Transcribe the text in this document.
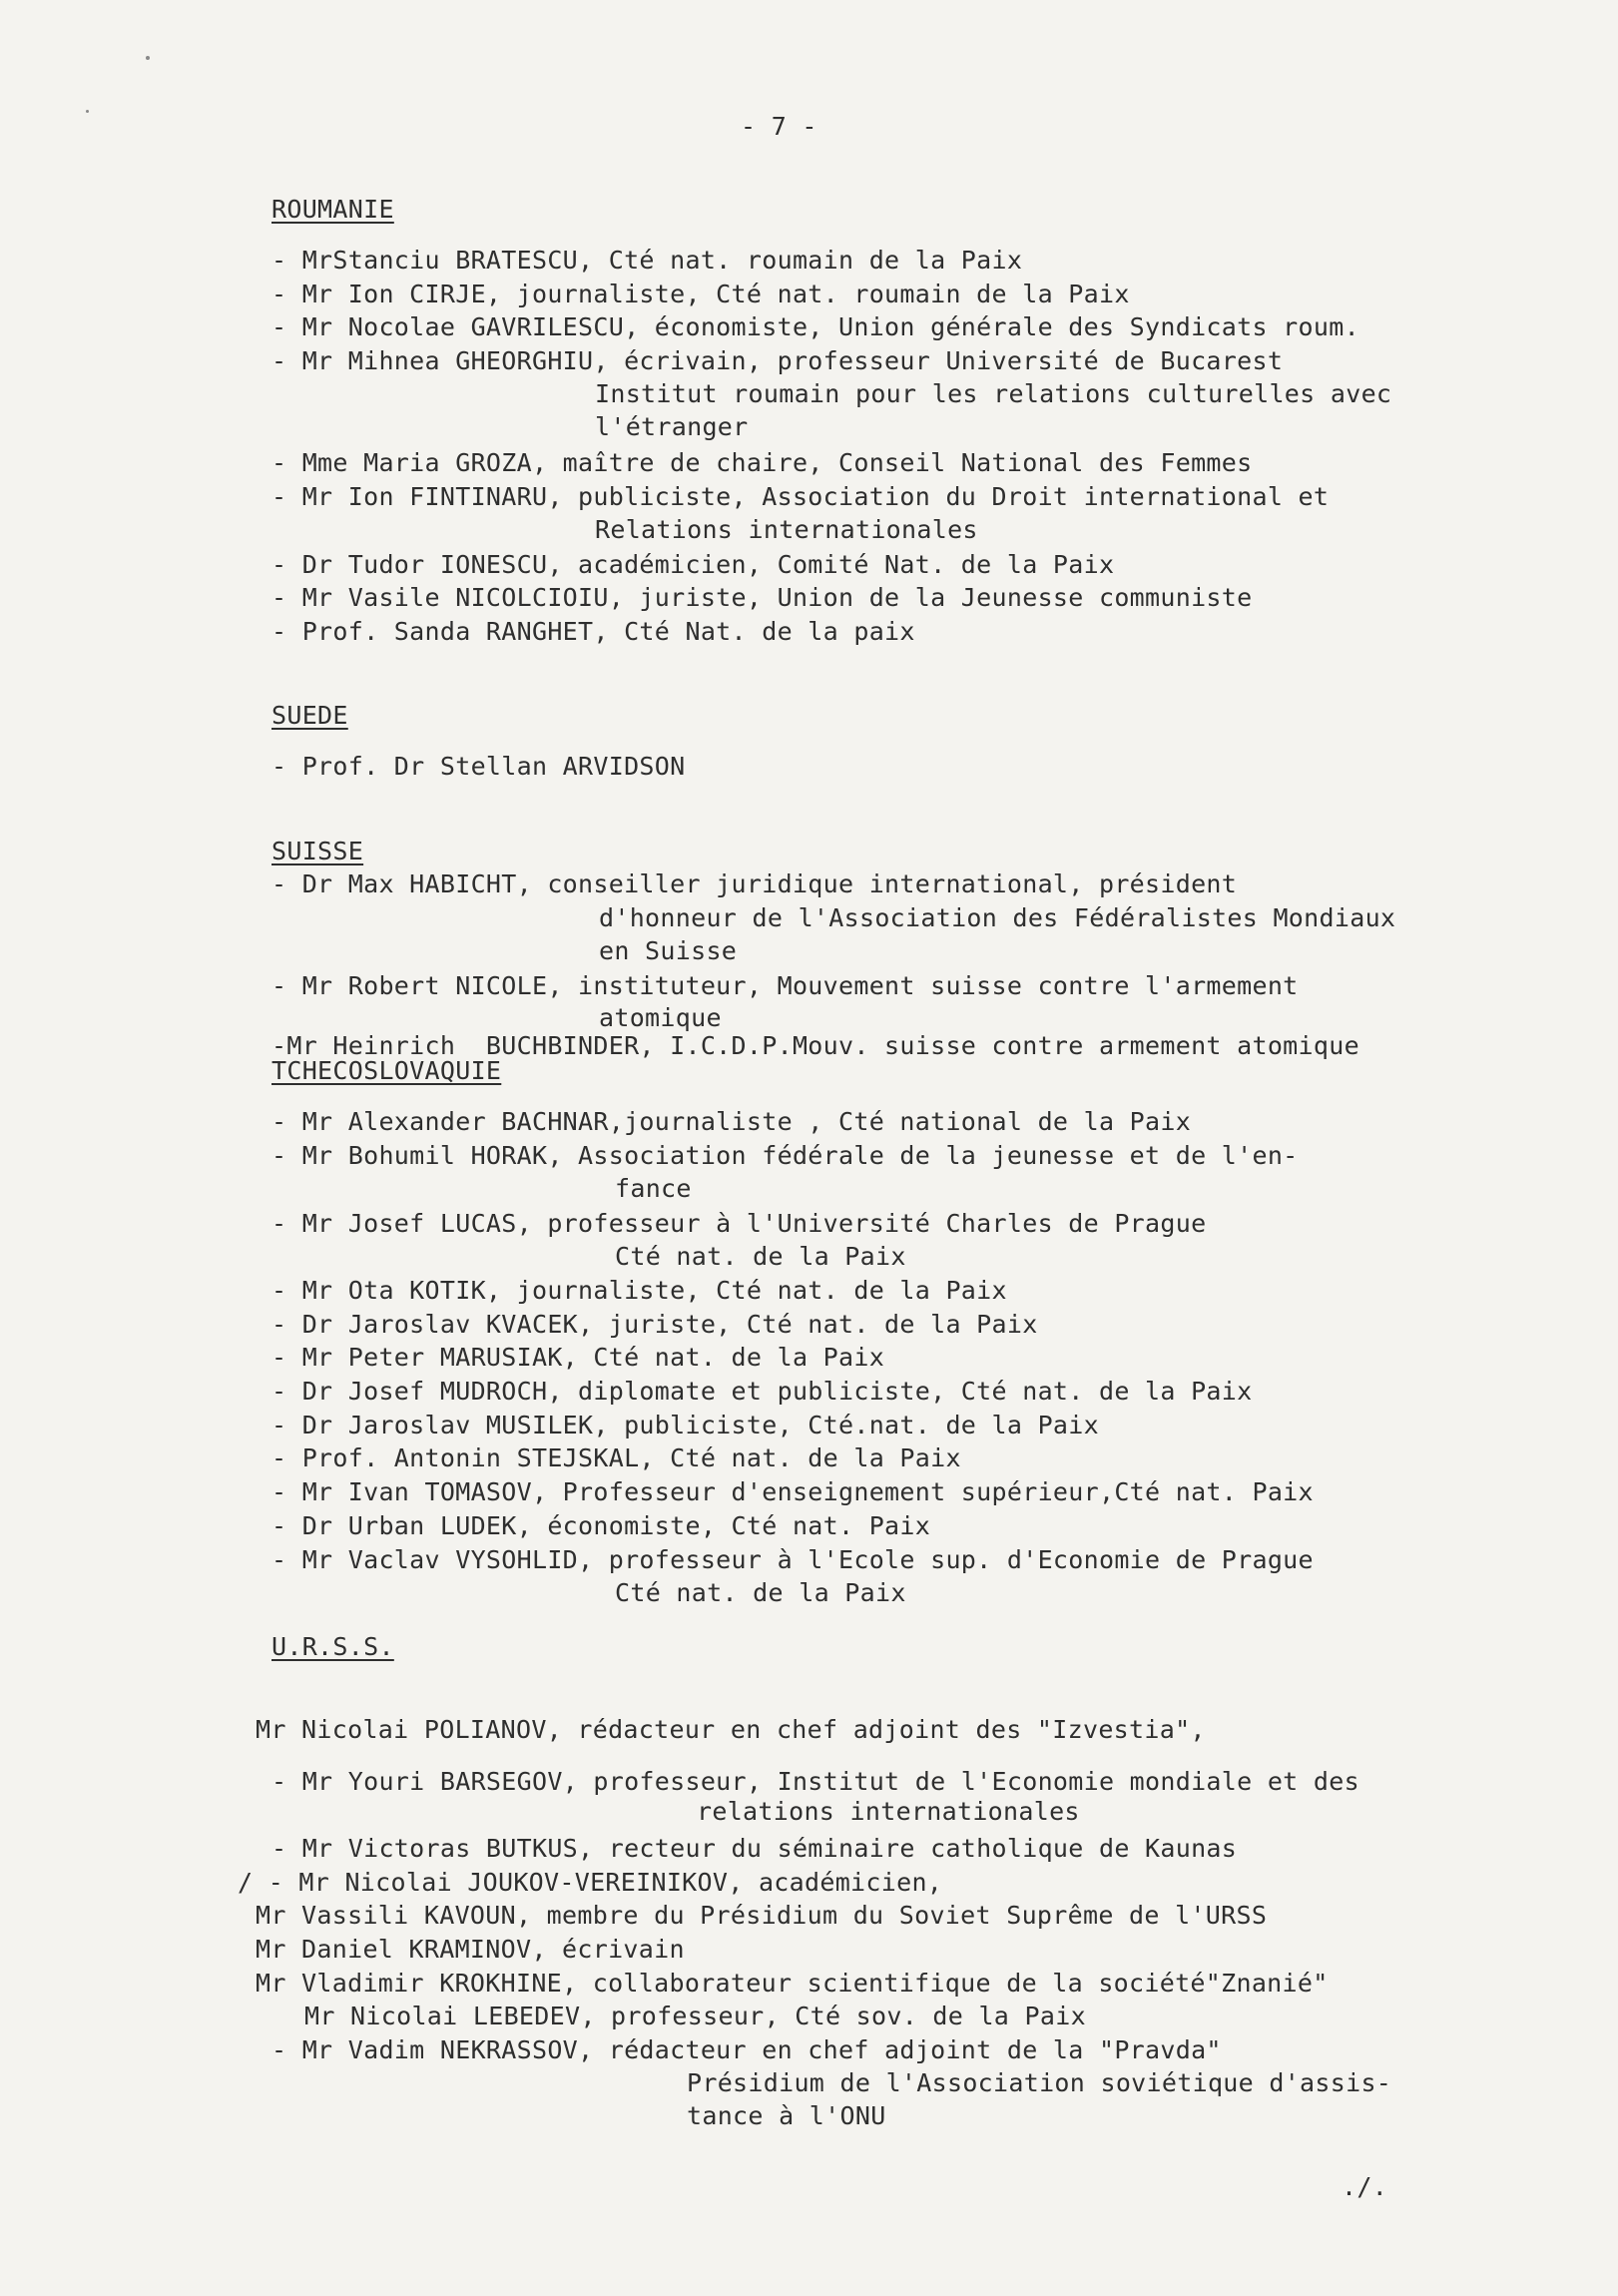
- 7 -
ROUMANIE
- MrStanciu BRATESCU, Cté nat. roumain de la Paix
- Mr Ion CIRJE, journaliste, Cté nat. roumain de la Paix
- Mr Nocolae GAVRILESCU, économiste, Union générale des Syndicats roum.
- Mr Mihnea GHEORGHIU, écrivain, professeur Université de Bucarest
Institut roumain pour les relations culturelles avec
l'étranger
- Mme Maria GROZA, maître de chaire, Conseil National des Femmes
- Mr Ion FINTINARU, publiciste, Association du Droit international et
Relations internationales
- Dr Tudor IONESCU, académicien, Comité Nat. de la Paix
- Mr Vasile NICOLCIOIU, juriste, Union de la Jeunesse communiste
- Prof. Sanda RANGHET, Cté Nat. de la paix
SUEDE
- Prof. Dr Stellan ARVIDSON
SUISSE
- Dr Max HABICHT, conseiller juridique international, président
d'honneur de l'Association des Fédéralistes Mondiaux
en Suisse
- Mr Robert NICOLE, instituteur, Mouvement suisse contre l'armement
atomique
-Mr Heinrich  BUCHBINDER, I.C.D.P.Mouv. suisse contre armement atomique
TCHECOSLOVAQUIE
- Mr Alexander BACHNAR,journaliste , Cté national de la Paix
- Mr Bohumil HORAK, Association fédérale de la jeunesse et de l'en-
fance
- Mr Josef LUCAS, professeur à l'Université Charles de Prague
Cté nat. de la Paix
- Mr Ota KOTIK, journaliste, Cté nat. de la Paix
- Dr Jaroslav KVACEK, juriste, Cté nat. de la Paix
- Mr Peter MARUSIAK, Cté nat. de la Paix
- Dr Josef MUDROCH, diplomate et publiciste, Cté nat. de la Paix
- Dr Jaroslav MUSILEK, publiciste, Cté.nat. de la Paix
- Prof. Antonin STEJSKAL, Cté nat. de la Paix
- Mr Ivan TOMASOV, Professeur d'enseignement supérieur,Cté nat. Paix
- Dr Urban LUDEK, économiste, Cté nat. Paix
- Mr Vaclav VYSOHLID, professeur à l'Ecole sup. d'Economie de Prague
Cté nat. de la Paix
U.R.S.S.
Mr Nicolai POLIANOV, rédacteur en chef adjoint des "Izvestia",
- Mr Youri BARSEGOV, professeur, Institut de l'Economie mondiale et des
relations internationales
- Mr Victoras BUTKUS, recteur du séminaire catholique de Kaunas
/ - Mr Nicolai JOUKOV-VEREINIKOV, académicien,
Mr Vassili KAVOUN, membre du Présidium du Soviet Suprême de l'URSS
Mr Daniel KRAMINOV, écrivain
Mr Vladimir KROKHINE, collaborateur scientifique de la société"Znanié"
Mr Nicolai LEBEDEV, professeur, Cté sov. de la Paix
- Mr Vadim NEKRASSOV, rédacteur en chef adjoint de la "Pravda"
Présidium de l'Association soviétique d'assis-
tance à l'ONU
./.
